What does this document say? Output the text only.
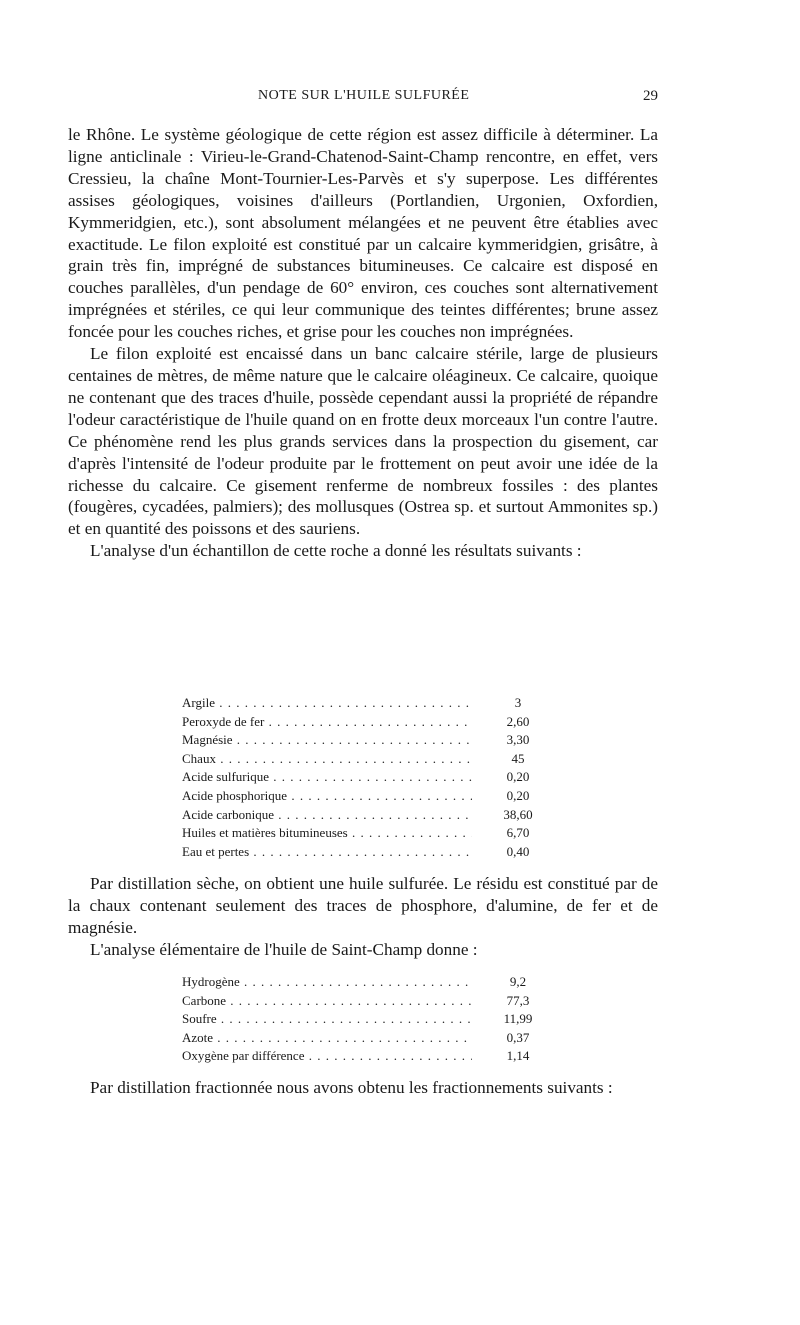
NOTE SUR L'HUILE SULFURÉE	29

le Rhône. Le système géologique de cette région est assez difficile à déterminer. La ligne anticlinale : Virieu-le-Grand-Chatenod-Saint-Champ rencontre, en effet, vers Cressieu, la chaîne Mont-Tournier-Les-Parvès et s'y superpose. Les différentes assises géologiques, voisines d'ailleurs (Portlandien, Urgonien, Oxfordien, Kymmeridgien, etc.), sont absolument mélangées et ne peuvent être établies avec exactitude. Le filon exploité est constitué par un calcaire kymmeridgien, grisâtre, à grain très fin, imprégné de substances bitumineuses. Ce calcaire est disposé en couches parallèles, d'un pendage de 60° environ, ces couches sont alternativement imprégnées et stériles, ce qui leur communique des teintes différentes; brune assez foncée pour les couches riches, et grise pour les couches non imprégnées.

Le filon exploité est encaissé dans un banc calcaire stérile, large de plusieurs centaines de mètres, de même nature que le calcaire oléagineux. Ce calcaire, quoique ne contenant que des traces d'huile, possède cependant aussi la propriété de répandre l'odeur caractéristique de l'huile quand on en frotte deux morceaux l'un contre l'autre. Ce phénomène rend les plus grands services dans la prospection du gisement, car d'après l'intensité de l'odeur produite par le frottement on peut avoir une idée de la richesse du calcaire. Ce gisement renferme de nombreux fossiles : des plantes (fougères, cycadées, palmiers); des mollusques (Ostrea sp. et surtout Ammonites sp.) et en quantité des poissons et des sauriens.

L'analyse d'un échantillon de cette roche a donné les résultats suivants :

Argile . . .	3
Peroxyde de fer . . .	2,60
Magnésie . . .	3,30
Chaux . . .	45
Acide sulfurique . . .	0,20
Acide phosphorique . . .	0,20
Acide carbonique . . .	38,60
Huiles et matières bitumineuses . . .	6,70
Eau et pertes . . .	0,40

Par distillation sèche, on obtient une huile sulfurée. Le résidu est constitué par de la chaux contenant seulement des traces de phosphore, d'alumine, de fer et de magnésie.

L'analyse élémentaire de l'huile de Saint-Champ donne :

Hydrogène . . .	9,2
Carbone . . .	77,3
Soufre . . .	11,99
Azote . . .	0,37
Oxygène par différence . . .	1,14

Par distillation fractionnée nous avons obtenu les fractionnements suivants :
